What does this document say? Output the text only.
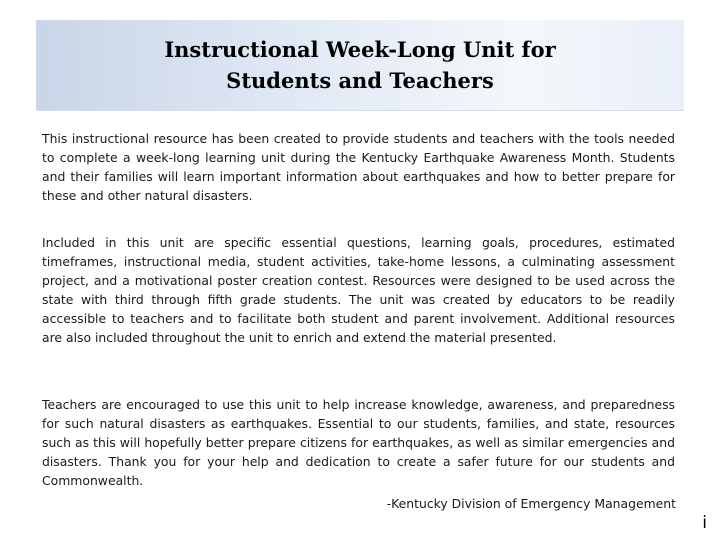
Instructional Week-Long Unit for
Students and Teachers

This instructional resource has been created to provide students and teachers with the tools needed to complete a week-long learning unit during the Kentucky Earthquake Awareness Month. Students and their families will learn important information about earthquakes and how to better prepare for these and other natural disasters.

Included in this unit are specific essential questions, learning goals, procedures, estimated timeframes, instructional media, student activities, take-home lessons, a culminating assessment project, and a motivational poster creation contest. Resources were designed to be used across the state with third through fifth grade students. The unit was created by educators to be readily accessible to teachers and to facilitate both student and parent involvement. Additional resources are also included throughout the unit to enrich and extend the material presented.

Teachers are encouraged to use this unit to help increase knowledge, awareness, and preparedness for such natural disasters as earthquakes. Essential to our students, families, and state, resources such as this will hopefully better prepare citizens for earthquakes, as well as similar emergencies and disasters. Thank you for your help and dedication to create a safer future for our students and Commonwealth.

-Kentucky Division of Emergency Management
i
